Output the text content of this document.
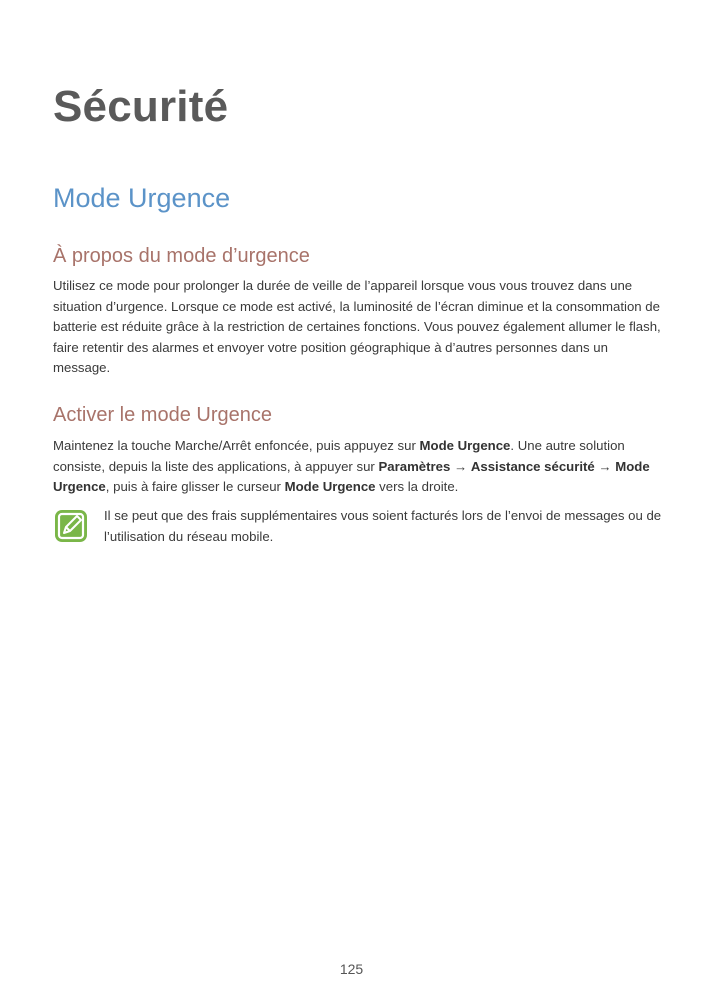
Sécurité
Mode Urgence
À propos du mode d’urgence

Utilisez ce mode pour prolonger la durée de veille de l’appareil lorsque vous vous trouvez dans une situation d’urgence. Lorsque ce mode est activé, la luminosité de l’écran diminue et la consommation de batterie est réduite grâce à la restriction de certaines fonctions. Vous pouvez également allumer le flash, faire retentir des alarmes et envoyer votre position géographique à d’autres personnes dans un message.

Activer le mode Urgence

Maintenez la touche Marche/Arrêt enfoncée, puis appuyez sur Mode Urgence. Une autre solution consiste, depuis la liste des applications, à appuyer sur Paramètres → Assistance sécurité → Mode Urgence, puis à faire glisser le curseur Mode Urgence vers la droite.

Il se peut que des frais supplémentaires vous soient facturés lors de l’envoi de messages ou de l’utilisation du réseau mobile.

125
